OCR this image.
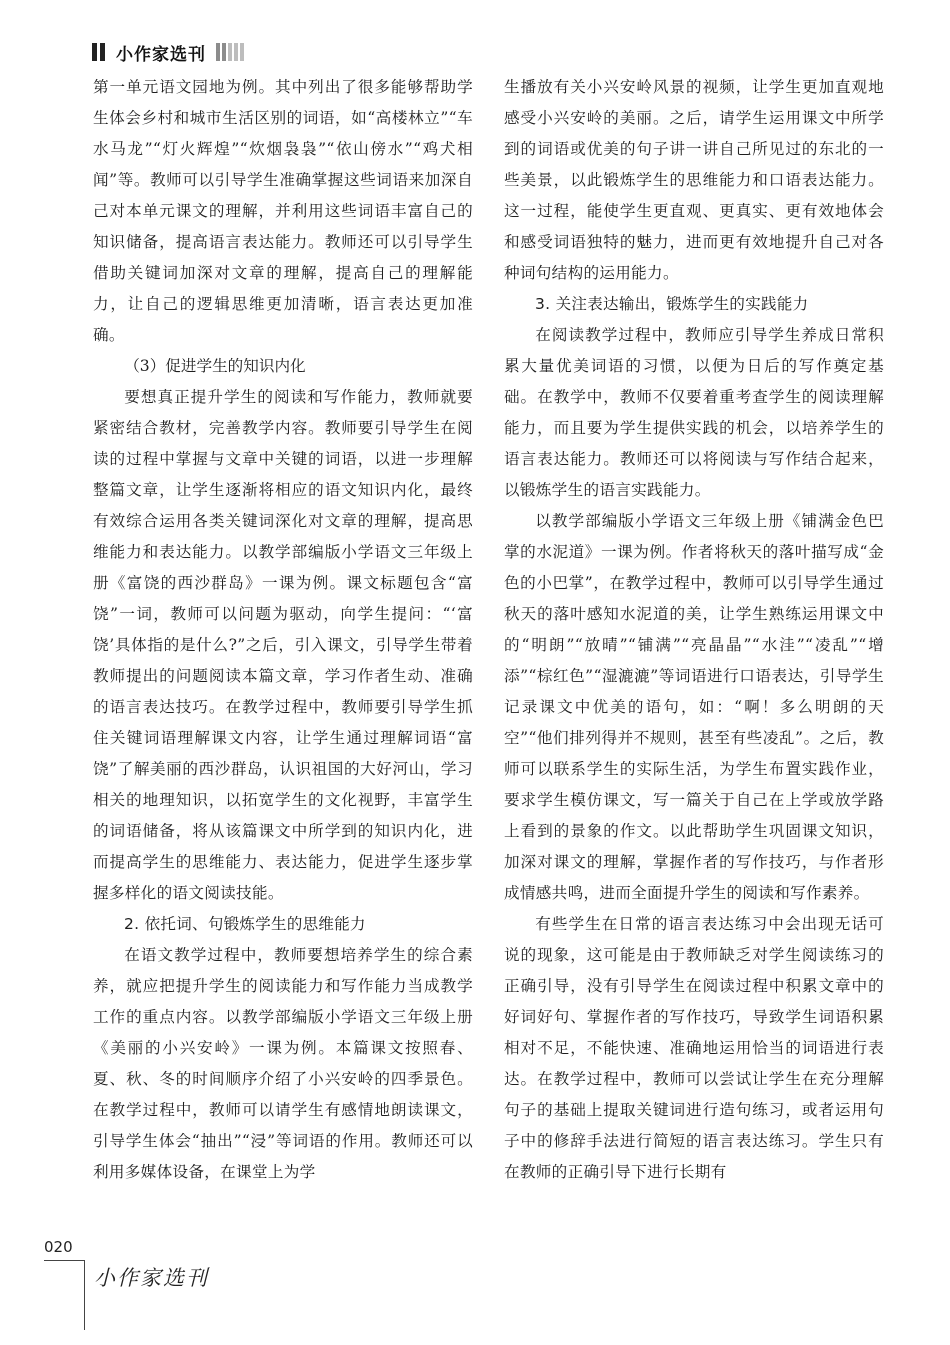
小作家选刊

第一单元语文园地为例。其中列出了很多能够帮助学生体会乡村和城市生活区别的词语，如“高楼林立”“车水马龙”“灯火辉煌”“炊烟袅袅”“依山傍水”“鸡犬相闻”等。教师可以引导学生准确掌握这些词语来加深自己对本单元课文的理解，并利用这些词语丰富自己的知识储备，提高语言表达能力。教师还可以引导学生借助关键词加深对文章的理解，提高自己的理解能力，让自己的逻辑思维更加清晰，语言表达更加准确。

（3）促进学生的知识内化

要想真正提升学生的阅读和写作能力，教师就要紧密结合教材，完善教学内容。教师要引导学生在阅读的过程中掌握与文章中关键的词语，以进一步理解整篇文章，让学生逐渐将相应的语文知识内化，最终有效综合运用各类关键词深化对文章的理解，提高思维能力和表达能力。以教学部编版小学语文三年级上册《富饶的西沙群岛》一课为例。课文标题包含“富饶”一词，教师可以问题为驱动，向学生提问：“‘富饶’具体指的是什么?”之后，引入课文，引导学生带着教师提出的问题阅读本篇文章，学习作者生动、准确的语言表达技巧。在教学过程中，教师要引导学生抓住关键词语理解课文内容，让学生通过理解词语“富饶”了解美丽的西沙群岛，认识祖国的大好河山，学习相关的地理知识，以拓宽学生的文化视野，丰富学生的词语储备，将从该篇课文中所学到的知识内化，进而提高学生的思维能力、表达能力，促进学生逐步掌握多样化的语文阅读技能。

2. 依托词、句锻炼学生的思维能力

在语文教学过程中，教师要想培养学生的综合素养，就应把提升学生的阅读能力和写作能力当成教学工作的重点内容。以教学部编版小学语文三年级上册《美丽的小兴安岭》一课为例。本篇课文按照春、夏、秋、冬的时间顺序介绍了小兴安岭的四季景色。在教学过程中，教师可以请学生有感情地朗读课文，引导学生体会“抽出”“浸”等词语的作用。教师还可以利用多媒体设备，在课堂上为学

生播放有关小兴安岭风景的视频，让学生更加直观地感受小兴安岭的美丽。之后，请学生运用课文中所学到的词语或优美的句子讲一讲自己所见过的东北的一些美景，以此锻炼学生的思维能力和口语表达能力。这一过程，能使学生更直观、更真实、更有效地体会和感受词语独特的魅力，进而更有效地提升自己对各种词句结构的运用能力。

3. 关注表达输出，锻炼学生的实践能力

在阅读教学过程中，教师应引导学生养成日常积累大量优美词语的习惯，以便为日后的写作奠定基础。在教学中，教师不仅要着重考查学生的阅读理解能力，而且要为学生提供实践的机会，以培养学生的语言表达能力。教师还可以将阅读与写作结合起来，以锻炼学生的语言实践能力。

以教学部编版小学语文三年级上册《铺满金色巴掌的水泥道》一课为例。作者将秋天的落叶描写成“金色的小巴掌”，在教学过程中，教师可以引导学生通过秋天的落叶感知水泥道的美，让学生熟练运用课文中的“明朗”“放晴”“铺满”“亮晶晶”“水洼”“凌乱”“增添”“棕红色”“湿漉漉”等词语进行口语表达，引导学生记录课文中优美的语句，如：“啊！多么明朗的天空”“他们排列得并不规则，甚至有些凌乱”。之后，教师可以联系学生的实际生活，为学生布置实践作业，要求学生模仿课文，写一篇关于自己在上学或放学路上看到的景象的作文。以此帮助学生巩固课文知识，加深对课文的理解，掌握作者的写作技巧，与作者形成情感共鸣，进而全面提升学生的阅读和写作素养。

有些学生在日常的语言表达练习中会出现无话可说的现象，这可能是由于教师缺乏对学生阅读练习的正确引导，没有引导学生在阅读过程中积累文章中的好词好句、掌握作者的写作技巧，导致学生词语积累相对不足，不能快速、准确地运用恰当的词语进行表达。在教学过程中，教师可以尝试让学生在充分理解句子的基础上提取关键词进行造句练习，或者运用句子中的修辞手法进行简短的语言表达练习。学生只有在教师的正确引导下进行长期有

020
小作家选刊
